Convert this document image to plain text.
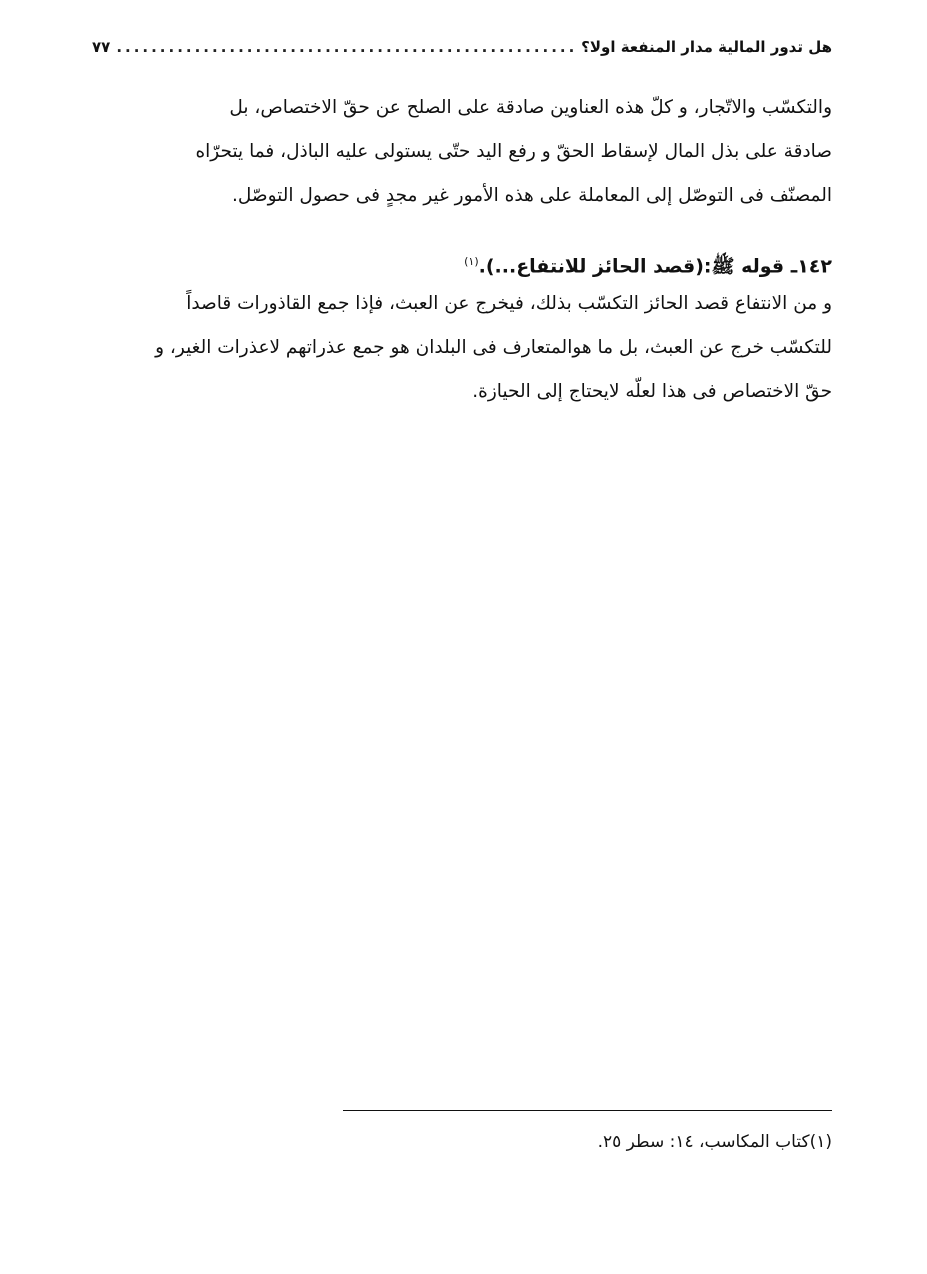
۷۷
.....	هل تدور المالية مدار المنفعة اولا؟
والتكسّب والاتّجار، و كلّ هذه العناوين صادقة على الصلح عن حقّ الاختصاص، بل
صادقة على بذل المال لإسقاط الحقّ و رفع اليد حتّى يستولى عليه الباذل، فما يتحرّاه
المصنّف فى التوصّل إلى المعاملة على هذه الأمور غير مجدٍ فى حصول التوصّل.
١٤٢ـ قوله ﷺ:(قصد الحائز للانتفاع...).$^{(١)}$
و من الانتفاع قصد الحائز التكسّب بذلك، فيخرج عن العبث، فإذا جمع القاذورات قاصداً
للتكسّب خرج عن العبث، بل ما هوالمتعارف فى البلدان هو جمع عذراتهم لاعذرات الغير، و
حقّ الاختصاص فى هذا لعلّه لايحتاج إلى الحيازة.
(١)كتاب المكاسب، ١٤: سطر ٢٥.
